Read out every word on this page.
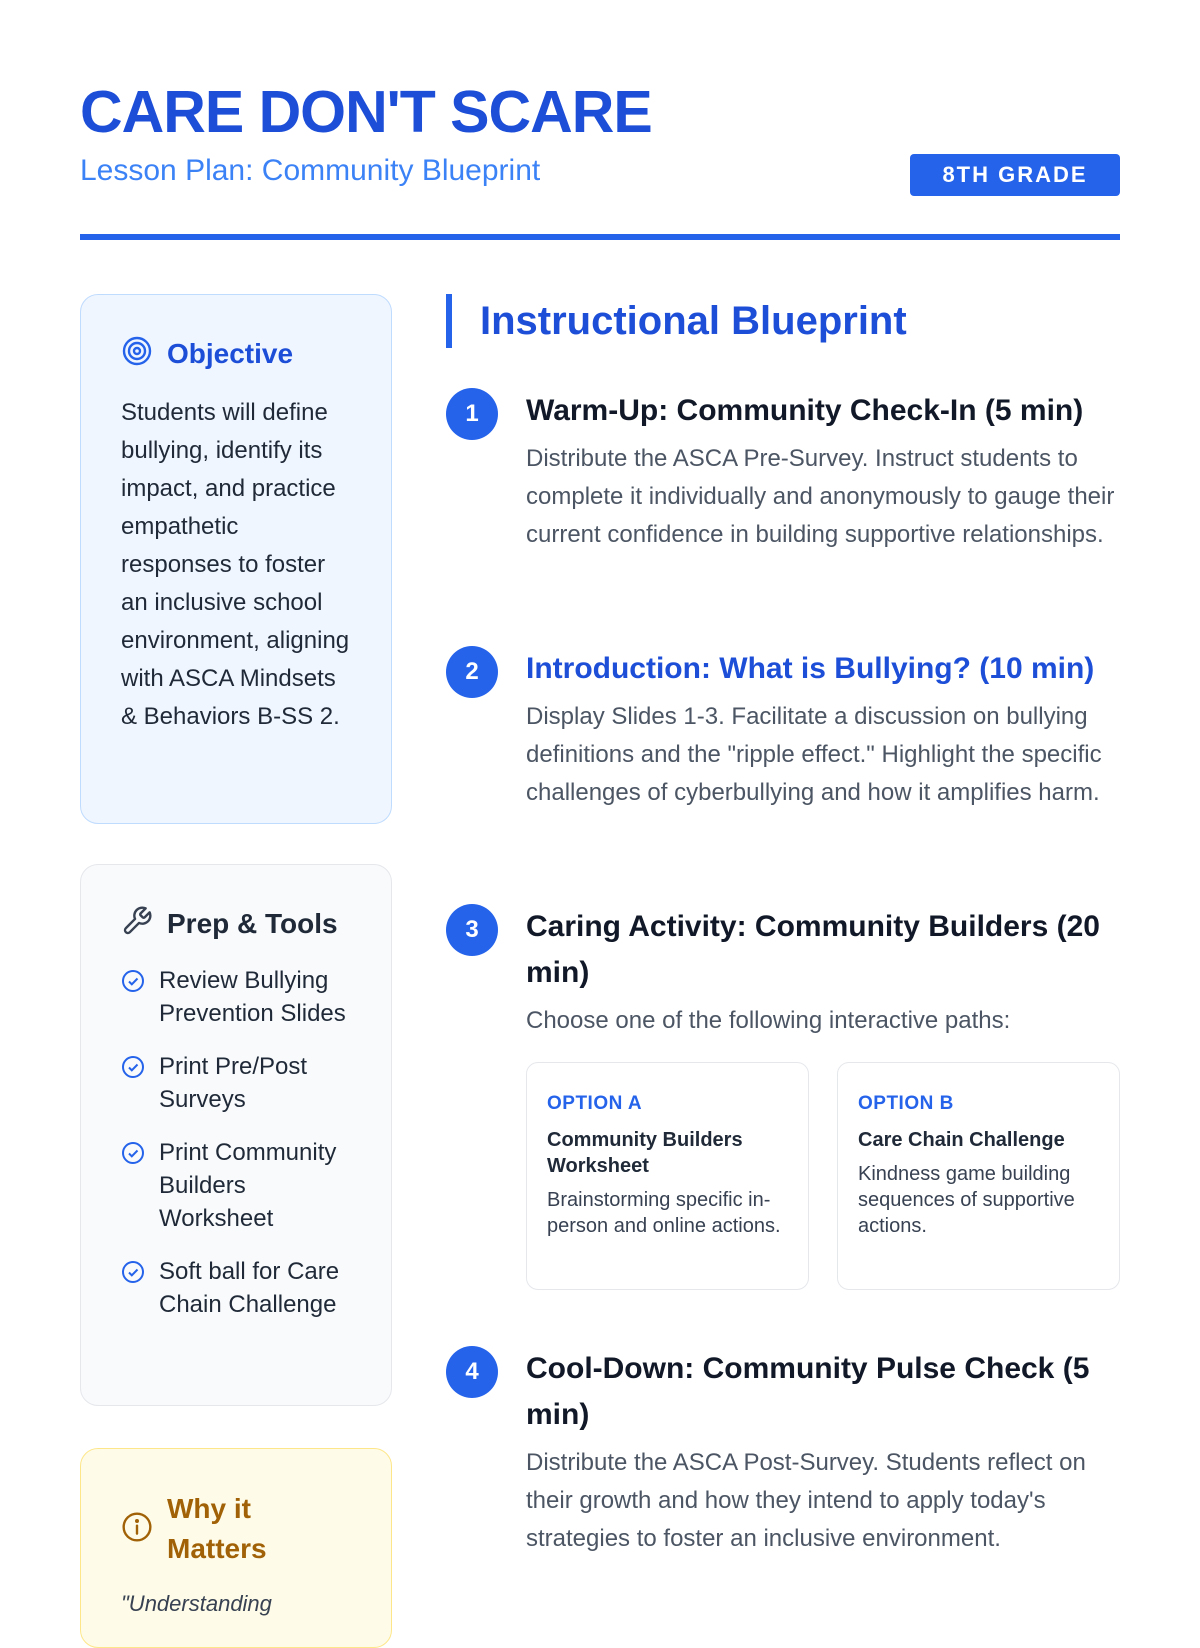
CARE DON'T SCARE
Lesson Plan: Community Blueprint	8TH GRADE
Objective
Students will define bullying, identify its impact, and practice empathetic responses to foster an inclusive school environment, aligning with ASCA Mindsets & Behaviors B-SS 2.
Prep & Tools
Review Bullying Prevention Slides
Print Pre/Post Surveys
Print Community Builders Worksheet
Soft ball for Care Chain Challenge
Why it Matters
"Understanding
Instructional Blueprint
1	Warm-Up: Community Check-In (5 min)
Distribute the ASCA Pre-Survey. Instruct students to complete it individually and anonymously to gauge their current confidence in building supportive relationships.
2	Introduction: What is Bullying? (10 min)
Display Slides 1-3. Facilitate a discussion on bullying definitions and the "ripple effect." Highlight the specific challenges of cyberbullying and how it amplifies harm.
3	Caring Activity: Community Builders (20 min)
Choose one of the following interactive paths:
OPTION A
Community Builders Worksheet
Brainstorming specific in-person and online actions.
OPTION B
Care Chain Challenge
Kindness game building sequences of supportive actions.
4	Cool-Down: Community Pulse Check (5 min)
Distribute the ASCA Post-Survey. Students reflect on their growth and how they intend to apply today's strategies to foster an inclusive environment.
